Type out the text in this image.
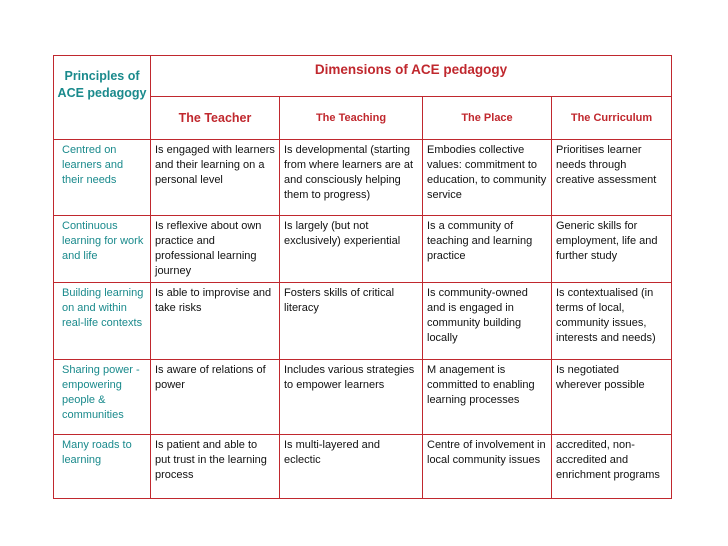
Principles of ACE pedagogy	Dimensions of ACE pedagogy			
	The Teacher	The Teaching	The Place	The Curriculum
Centred on learners and their needs	Is engaged with learners and their learning on a personal level	Is developmental (starting from where learners are at and consciously helping them to progress)	Embodies collective values: commitment to education, to community service	Prioritises learner needs through creative assessment
Continuous learning for work and life	Is reflexive about own practice and professional learning journey	Is largely (but not exclusively) experiential	Is a community of teaching and learning practice	Generic skills for employment, life and further study
Building learning on and within real-life contexts	Is able to improvise and take risks	Fosters skills of critical literacy	Is community-owned and is engaged in community building locally	Is contextualised (in terms of local, community issues, interests and needs)
Sharing power - empowering people & communities	Is aware of relations of power	Includes various strategies to empower learners	M anagement is committed to enabling learning processes	Is negotiated wherever possible
Many roads to learning	Is patient and able to put trust in the learning process	Is multi-layered and eclectic	Centre of involvement in local community issues	accredited, non-accredited and enrichment programs
